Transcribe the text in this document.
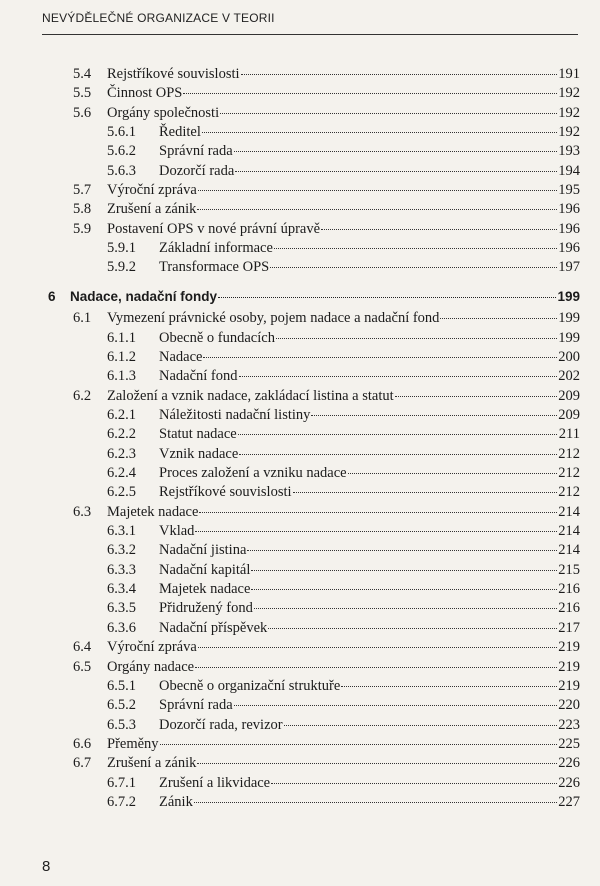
NEVÝDĚLEČNÉ ORGANIZACE V TEORII
5.4 Rejstříkové souvislosti	191
5.5 Činnost OPS	192
5.6 Orgány společnosti	192
5.6.1 Ředitel	192
5.6.2 Správní rada	193
5.6.3 Dozorčí rada	194
5.7 Výroční zpráva	195
5.8 Zrušení a zánik	196
5.9 Postavení OPS v nové právní úpravě	196
5.9.1 Základní informace	196
5.9.2 Transformace OPS	197
6 Nadace, nadační fondy	199
6.1 Vymezení právnické osoby, pojem nadace a nadační fond	199
6.1.1 Obecně o fundacích	199
6.1.2 Nadace	200
6.1.3 Nadační fond	202
6.2 Založení a vznik nadace, zakládací listina a statut	209
6.2.1 Náležitosti nadační listiny	209
6.2.2 Statut nadace	211
6.2.3 Vznik nadace	212
6.2.4 Proces založení a vzniku nadace	212
6.2.5 Rejstříkové souvislosti	212
6.3 Majetek nadace	214
6.3.1 Vklad	214
6.3.2 Nadační jistina	214
6.3.3 Nadační kapitál	215
6.3.4 Majetek nadace	216
6.3.5 Přidružený fond	216
6.3.6 Nadační příspěvek	217
6.4 Výroční zpráva	219
6.5 Orgány nadace	219
6.5.1 Obecně o organizační struktuře	219
6.5.2 Správní rada	220
6.5.3 Dozorčí rada, revizor	223
6.6 Přeměny	225
6.7 Zrušení a zánik	226
6.7.1 Zrušení a likvidace	226
6.7.2 Zánik	227
8
